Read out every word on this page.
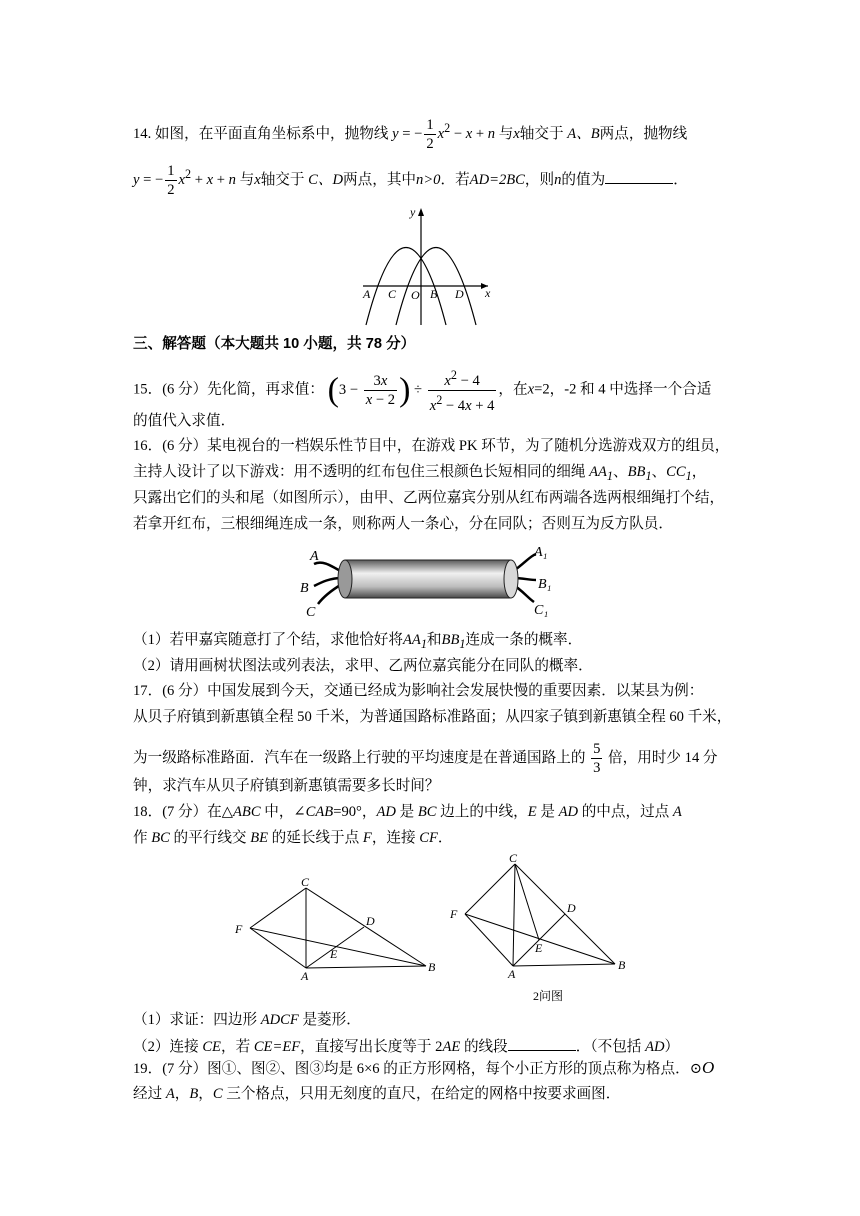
14. 如图，在平面直角坐标系中，抛物线 y = − $\frac{1}{2} x^2 - x + n$ 与x轴交于 A、B两点，抛物线
y = − $\frac{1}{2} x^2 + x + n$ 与x轴交于 C、D两点，其中n>0．若AD=2BC，则n的值为	．
y
x
A C O B D
三、解答题（本大题共 10 小题，共 78 分）
15．(6 分）先化简，再求值： ($3 - \frac{3x}{x - 2}$ ) ÷ $\frac{x^2 - 4}{x^2 - 4x + 4}$ ，在x=2，-2 和 4 中选择一个合适
的值代入求值．
16．(6 分）某电视台的一档娱乐性节目中，在游戏 PK 环节，为了随机分选游戏双方的组员，
主持人设计了以下游戏：用不透明的红布包住三根颜色长短相同的细绳 $AA_1$、$BB_1$、$CC_1$，
只露出它们的头和尾（如图所示），由甲、乙两位嘉宾分别从红布两端各选两根细绳打个结，
若拿开红布，三根细绳连成一条，则称两人一条心，分在同队；否则互为反方队员．
A
B
C
A₁
B₁
C₁
（1）若甲嘉宾随意打了个结，求他恰好将$AA_1$和$BB_1$连成一条的概率．
（2）请用画树状图法或列表法，求甲、乙两位嘉宾能分在同队的概率．
17．(6 分）中国发展到今天，交通已经成为影响社会发展快慢的重要因素．以某县为例：
从贝子府镇到新惠镇全程 50 千米，为普通国路标准路面；从四家子镇到新惠镇全程 60 千米，
为一级路标准路面．汽车在一级路上行驶的平均速度是在普通国路上的 $\frac{5}{3}$ 倍，用时少 14 分
钟，求汽车从贝子府镇到新惠镇需要多长时间？
18．(7 分）在△ABC 中，∠CAB=90°，AD 是 BC 边上的中线，E 是 AD 的中点，过点 A
作 BC 的平行线交 BE 的延长线于点 F，连接 CF．
C
F
D
E
A
B
C
F	D
E
A
B
2问图
（1）求证：四边形 ADCF 是菱形．
（2）连接 CE，若 CE=EF，直接写出长度等于 2AE 的线段	．（不包括 AD）
19．(7 分）图①、图②、图③均是 6×6 的正方形网格，每个小正方形的顶点称为格点．⊙O
经过 A，B，C 三个格点，只用无刻度的直尺，在给定的网格中按要求画图．
